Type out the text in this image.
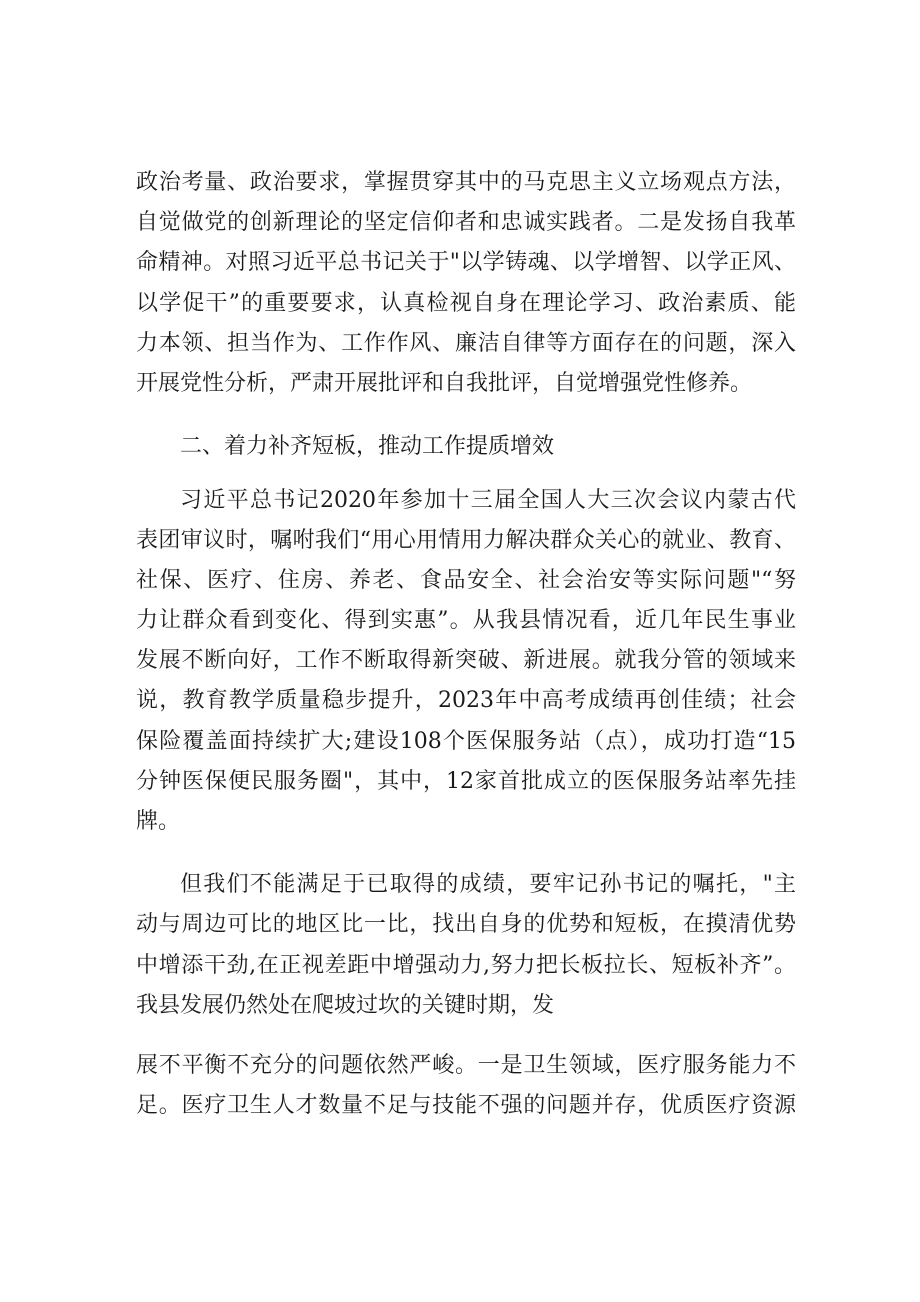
政治考量、政治要求，掌握贯穿其中的马克思主义立场观点方法，
自觉做党的创新理论的坚定信仰者和忠诚实践者。二是发扬自我革
命精神。对照习近平总书记关于"以学铸魂、以学增智、以学正风、
以学促干”的重要要求，认真检视自身在理论学习、政治素质、能
力本领、担当作为、工作作风、廉洁自律等方面存在的问题，深入
开展党性分析，严肃开展批评和自我批评，自觉增强党性修养。
二、着力补齐短板，推动工作提质增效
习近平总书记2020年参加十三届全国人大三次会议内蒙古代
表团审议时，嘱咐我们“用心用情用力解决群众关心的就业、教育、
社保、医疗、住房、养老、食品安全、社会治安等实际问题"“努
力让群众看到变化、得到实惠”。从我县情况看，近几年民生事业
发展不断向好，工作不断取得新突破、新进展。就我分管的领域来
说，教育教学质量稳步提升，2023年中高考成绩再创佳绩；社会
保险覆盖面持续扩大;建设108个医保服务站（点），成功打造“15
分钟医保便民服务圈"，其中，12家首批成立的医保服务站率先挂
牌。
但我们不能满足于已取得的成绩，要牢记孙书记的嘱托，"主
动与周边可比的地区比一比，找出自身的优势和短板，在摸清优势
中增添干劲,在正视差距中增强动力,努力把长板拉长、短板补齐”。
我县发展仍然处在爬坡过坎的关键时期，发
展不平衡不充分的问题依然严峻。一是卫生领域，医疗服务能力不
足。医疗卫生人才数量不足与技能不强的问题并存，优质医疗资源
